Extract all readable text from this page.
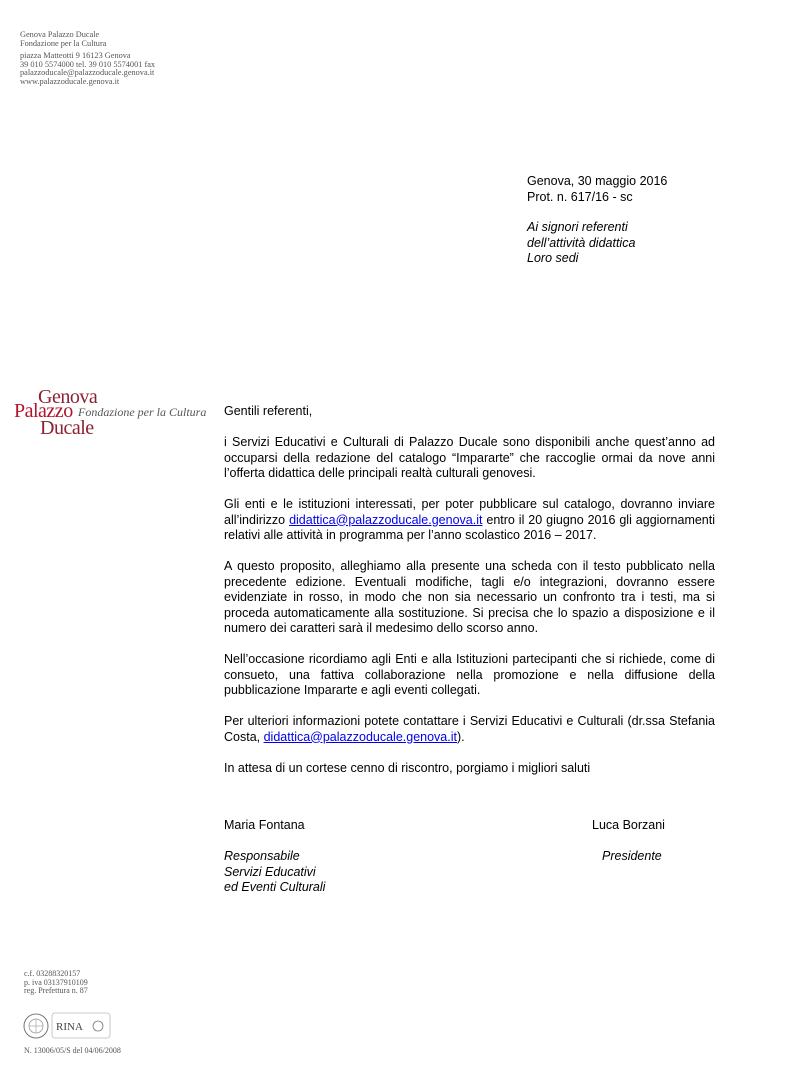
Genova Palazzo Ducale
Fondazione per la Cultura
piazza Matteotti 9 16123 Genova
39 010 5574000 tel. 39 010 5574001 fax
palazzoducale@palazzoducale.genova.it
www.palazzoducale.genova.it
Genova, 30 maggio 2016
Prot. n. 617/16 - sc
Ai signori referenti
dell’attività didattica
Loro sedi
Genova
Palazzo
Ducale
Fondazione per la Cultura Gentili referenti,

i Servizi Educativi e Culturali di Palazzo Ducale sono disponibili anche quest’anno ad occuparsi della redazione del catalogo “Impararte” che raccoglie ormai da nove anni l’offerta didattica delle principali realtà culturali genovesi.

Gli enti e le istituzioni interessati, per poter pubblicare sul catalogo, dovranno inviare all’indirizzo didattica@palazzoducale.genova.it entro il 20 giugno 2016 gli aggiornamenti relativi alle attività in programma per l’anno scolastico 2016 – 2017.

A questo proposito, alleghiamo alla presente una scheda con il testo pubblicato nella precedente edizione. Eventuali modifiche, tagli e/o integrazioni, dovranno essere evidenziate in rosso, in modo che non sia necessario un confronto tra i testi, ma si proceda automaticamente alla sostituzione. Si precisa che lo spazio a disposizione e il numero dei caratteri sarà il medesimo dello scorso anno.

Nell’occasione ricordiamo agli Enti e alla Istituzioni partecipanti che si richiede, come di consueto, una fattiva collaborazione nella promozione e nella diffusione della pubblicazione Impararte e agli eventi collegati.

Per ulteriori informazioni potete contattare i Servizi Educativi e Culturali (dr.ssa Stefania Costa, didattica@palazzoducale.genova.it).

In attesa di un cortese cenno di riscontro, porgiamo i migliori saluti

Maria Fontana	Luca Borzani
Responsabile
Servizi Educativi
ed Eventi Culturali
Presidente
c.f. 03288320157
p. iva 03137910109
reg. Prefettura n. 87
RINA
N. 13006/05/S del 04/06/2008
